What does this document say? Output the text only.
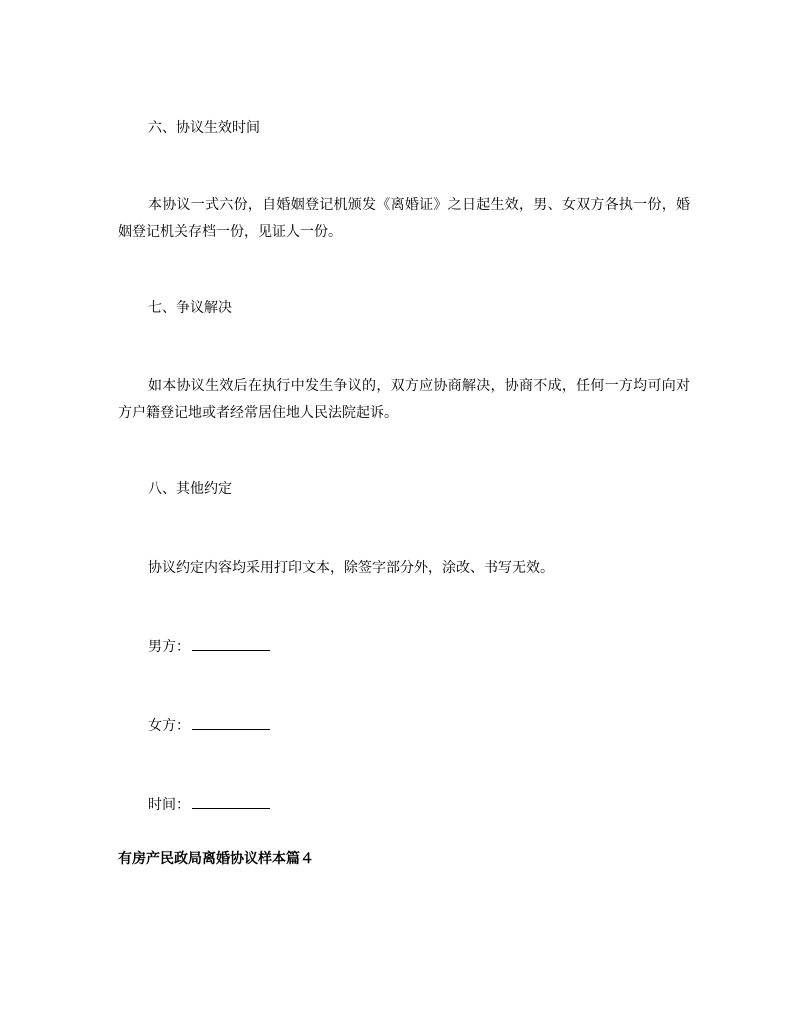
六、协议生效时间
本协议一式六份，自婚姻登记机颁发《离婚证》之日起生效，男、女双方各执一份，婚姻登记机关存档一份，见证人一份。
七、争议解决
如本协议生效后在执行中发生争议的，双方应协商解决，协商不成，任何一方均可向对方户籍登记地或者经常居住地人民法院起诉。
八、其他约定
协议约定内容均采用打印文本，除签字部分外，涂改、书写无效。
男方：
女方：
时间：
有房产民政局离婚协议样本篇４
